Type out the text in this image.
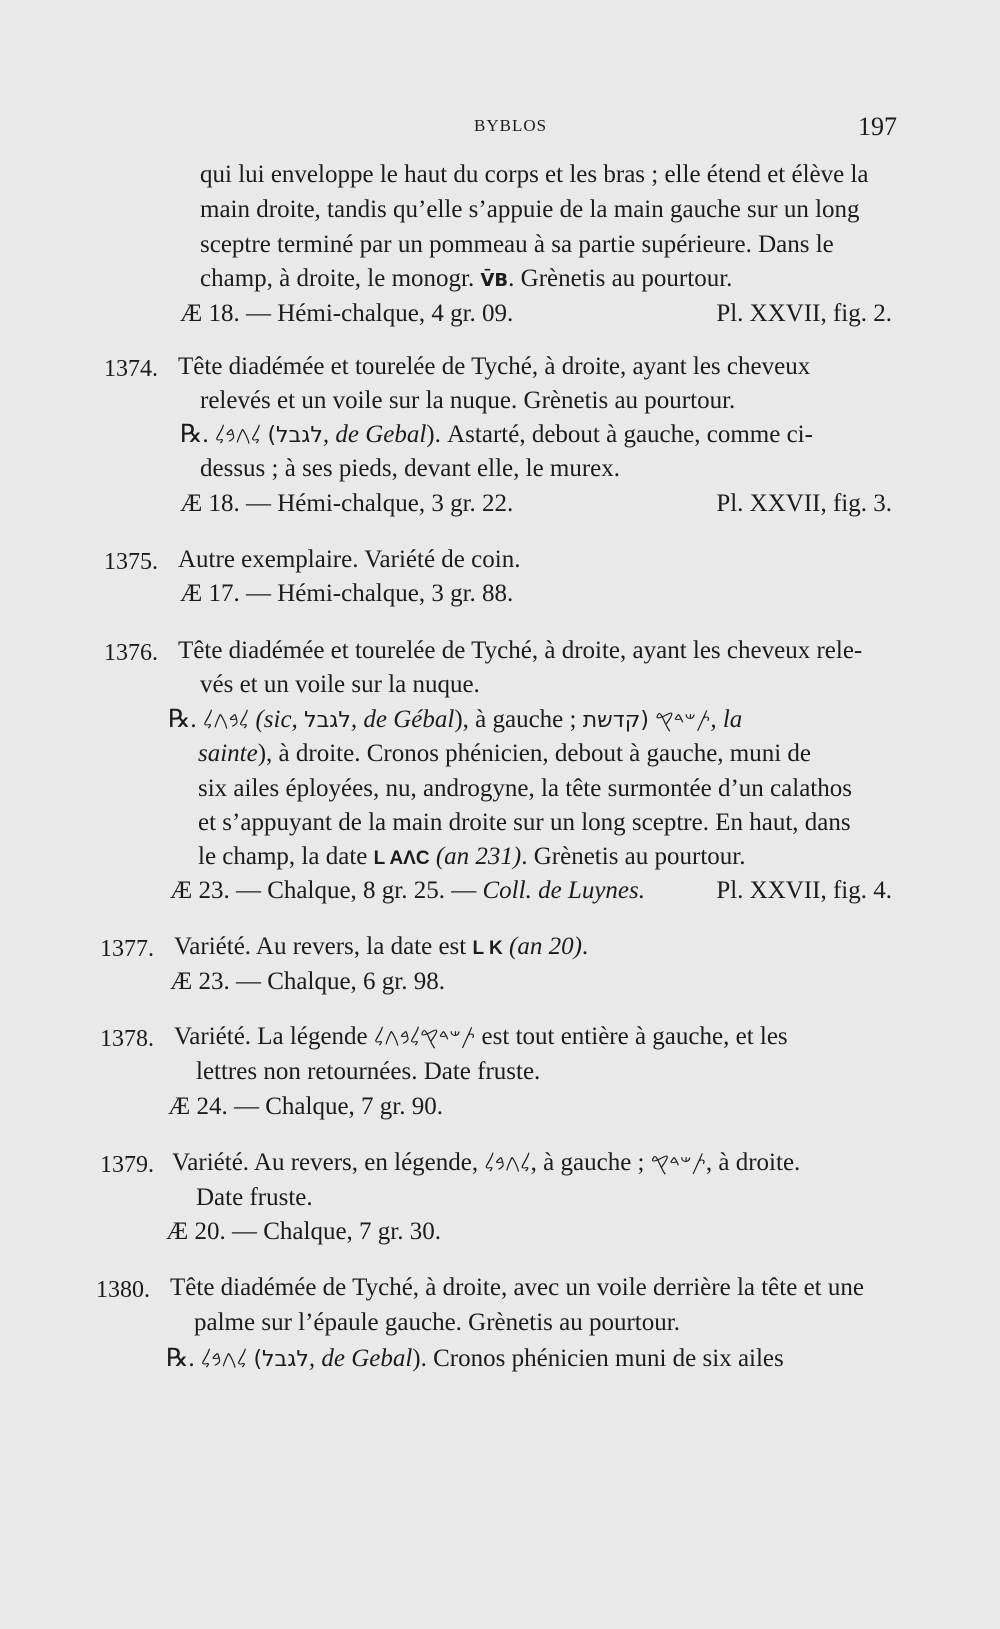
BYBLOS	197
qui lui enveloppe le haut du corps et les bras ; elle étend et élève la
main droite, tandis qu’elle s’appuie de la main gauche sur un long
sceptre terminé par un pommeau à sa partie supérieure. Dans le
champ, à droite, le monogr. V̄B. Grènetis au pourtour.
Æ 18. — Hémi-chalque, 4 gr. 09.	Pl. XXVII, fig. 2.
1374. Tête diadémée et tourelée de Tyché, à droite, ayant les cheveux
relevés et un voile sur la nuque. Grènetis au pourtour.
℞. 𐤋𐤂𐤁𐤋 (לגבל, de Gebal). Astarté, debout à gauche, comme ci-
dessus ; à ses pieds, devant elle, le murex.
Æ 18. — Hémi-chalque, 3 gr. 22.	Pl. XXVII, fig. 3.
1375. Autre exemplaire. Variété de coin.
Æ 17. — Hémi-chalque, 3 gr. 88.
1376. Tête diadémée et tourelée de Tyché, à droite, ayant les cheveux rele-
vés et un voile sur la nuque.
℞. 𐤋𐤁𐤂𐤋 (sic, לגבל, de Gébal), à gauche ;	𐤕𐤔𐤃𐤒 (קדשת , la
sainte), à droite. Cronos phénicien, debout à gauche, muni de
six ailes éployées, nu, androgyne, la tête surmontée d’un calathos
et s’appuyant de la main droite sur un long sceptre. En haut, dans
le champ, la date L AΛC (an 231). Grènetis au pourtour.
Æ 23. — Chalque, 8 gr. 25. — Coll. de Luynes.	Pl. XXVII, fig. 4.
1377. Variété. Au revers, la date est L K (an 20).
Æ 23. — Chalque, 6 gr. 98.
1378. Variété. La légende 𐤕𐤔𐤃𐤒𐤋𐤁𐤂𐤋 est tout entière à gauche, et les
lettres non retournées. Date fruste.
Æ 24. — Chalque, 7 gr. 90.
1379. Variété. Au revers, en légende, 𐤋𐤂𐤁𐤋, à gauche ; 𐤕𐤔𐤃𐤒, à droite.
Date fruste.
Æ 20. — Chalque, 7 gr. 30.
1380. Tête diadémée de Tyché, à droite, avec un voile derrière la tête et une
palme sur l’épaule gauche. Grènetis au pourtour.
℞. 𐤋𐤂𐤁𐤋 (לגבל, de Gebal). Cronos phénicien muni de six ailes
